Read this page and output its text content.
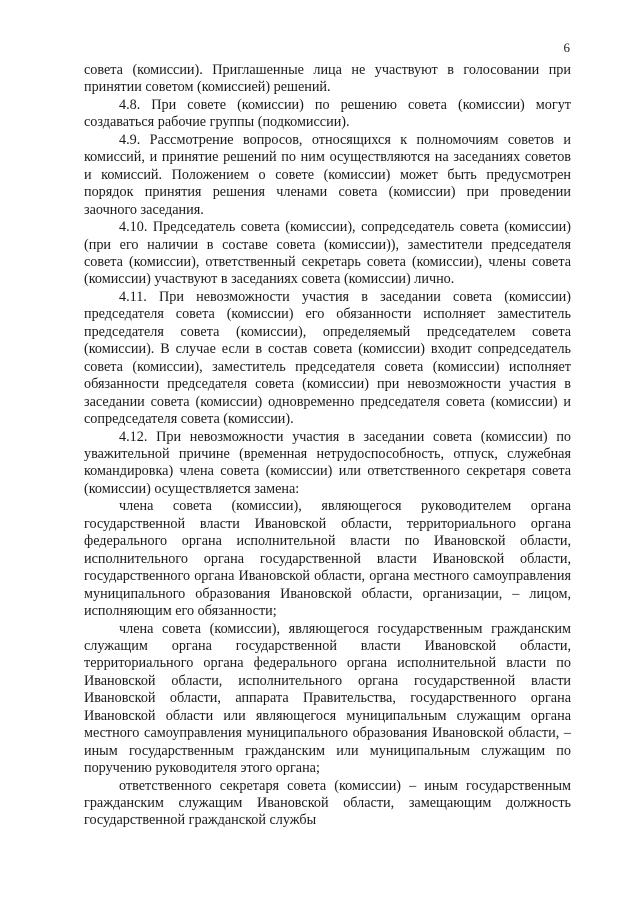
6

совета (комиссии). Приглашенные лица не участвуют в голосовании при принятии советом (комиссией) решений.

4.8. При совете (комиссии) по решению совета (комиссии) могут создаваться рабочие группы (подкомиссии).

4.9. Рассмотрение вопросов, относящихся к полномочиям советов и комиссий, и принятие решений по ним осуществляются на заседаниях советов и комиссий. Положением о совете (комиссии) может быть предусмотрен порядок принятия решения членами совета (комиссии) при проведении заочного заседания.

4.10. Председатель совета (комиссии), сопредседатель совета (комиссии) (при его наличии в составе совета (комиссии)), заместители председателя совета (комиссии), ответственный секретарь совета (комиссии), члены совета (комиссии) участвуют в заседаниях совета (комиссии) лично.

4.11. При невозможности участия в заседании совета (комиссии) председателя совета (комиссии) его обязанности исполняет заместитель председателя совета (комиссии), определяемый председателем совета (комиссии). В случае если в состав совета (комиссии) входит сопредседатель совета (комиссии), заместитель председателя совета (комиссии) исполняет обязанности председателя совета (комиссии) при невозможности участия в заседании совета (комиссии) одновременно председателя совета (комиссии) и сопредседателя совета (комиссии).

4.12. При невозможности участия в заседании совета (комиссии) по уважительной причине (временная нетрудоспособность, отпуск, служебная командировка) члена совета (комиссии) или ответственного секретаря совета (комиссии) осуществляется замена:

члена совета (комиссии), являющегося руководителем органа государственной власти Ивановской области, территориального органа федерального органа исполнительной власти по Ивановской области, исполнительного органа государственной власти Ивановской области, государственного органа Ивановской области, органа местного самоуправления муниципального образования Ивановской области, организации, – лицом, исполняющим его обязанности;

члена совета (комиссии), являющегося государственным гражданским служащим органа государственной власти Ивановской области, территориального органа федерального органа исполнительной власти по Ивановской области, исполнительного органа государственной власти Ивановской области, аппарата Правительства, государственного органа Ивановской области или являющегося муниципальным служащим органа местного самоуправления муниципального образования Ивановской области, – иным государственным гражданским или муниципальным служащим по поручению руководителя этого органа;

ответственного секретаря совета (комиссии) – иным государственным гражданским служащим Ивановской области, замещающим должность государственной гражданской службы
